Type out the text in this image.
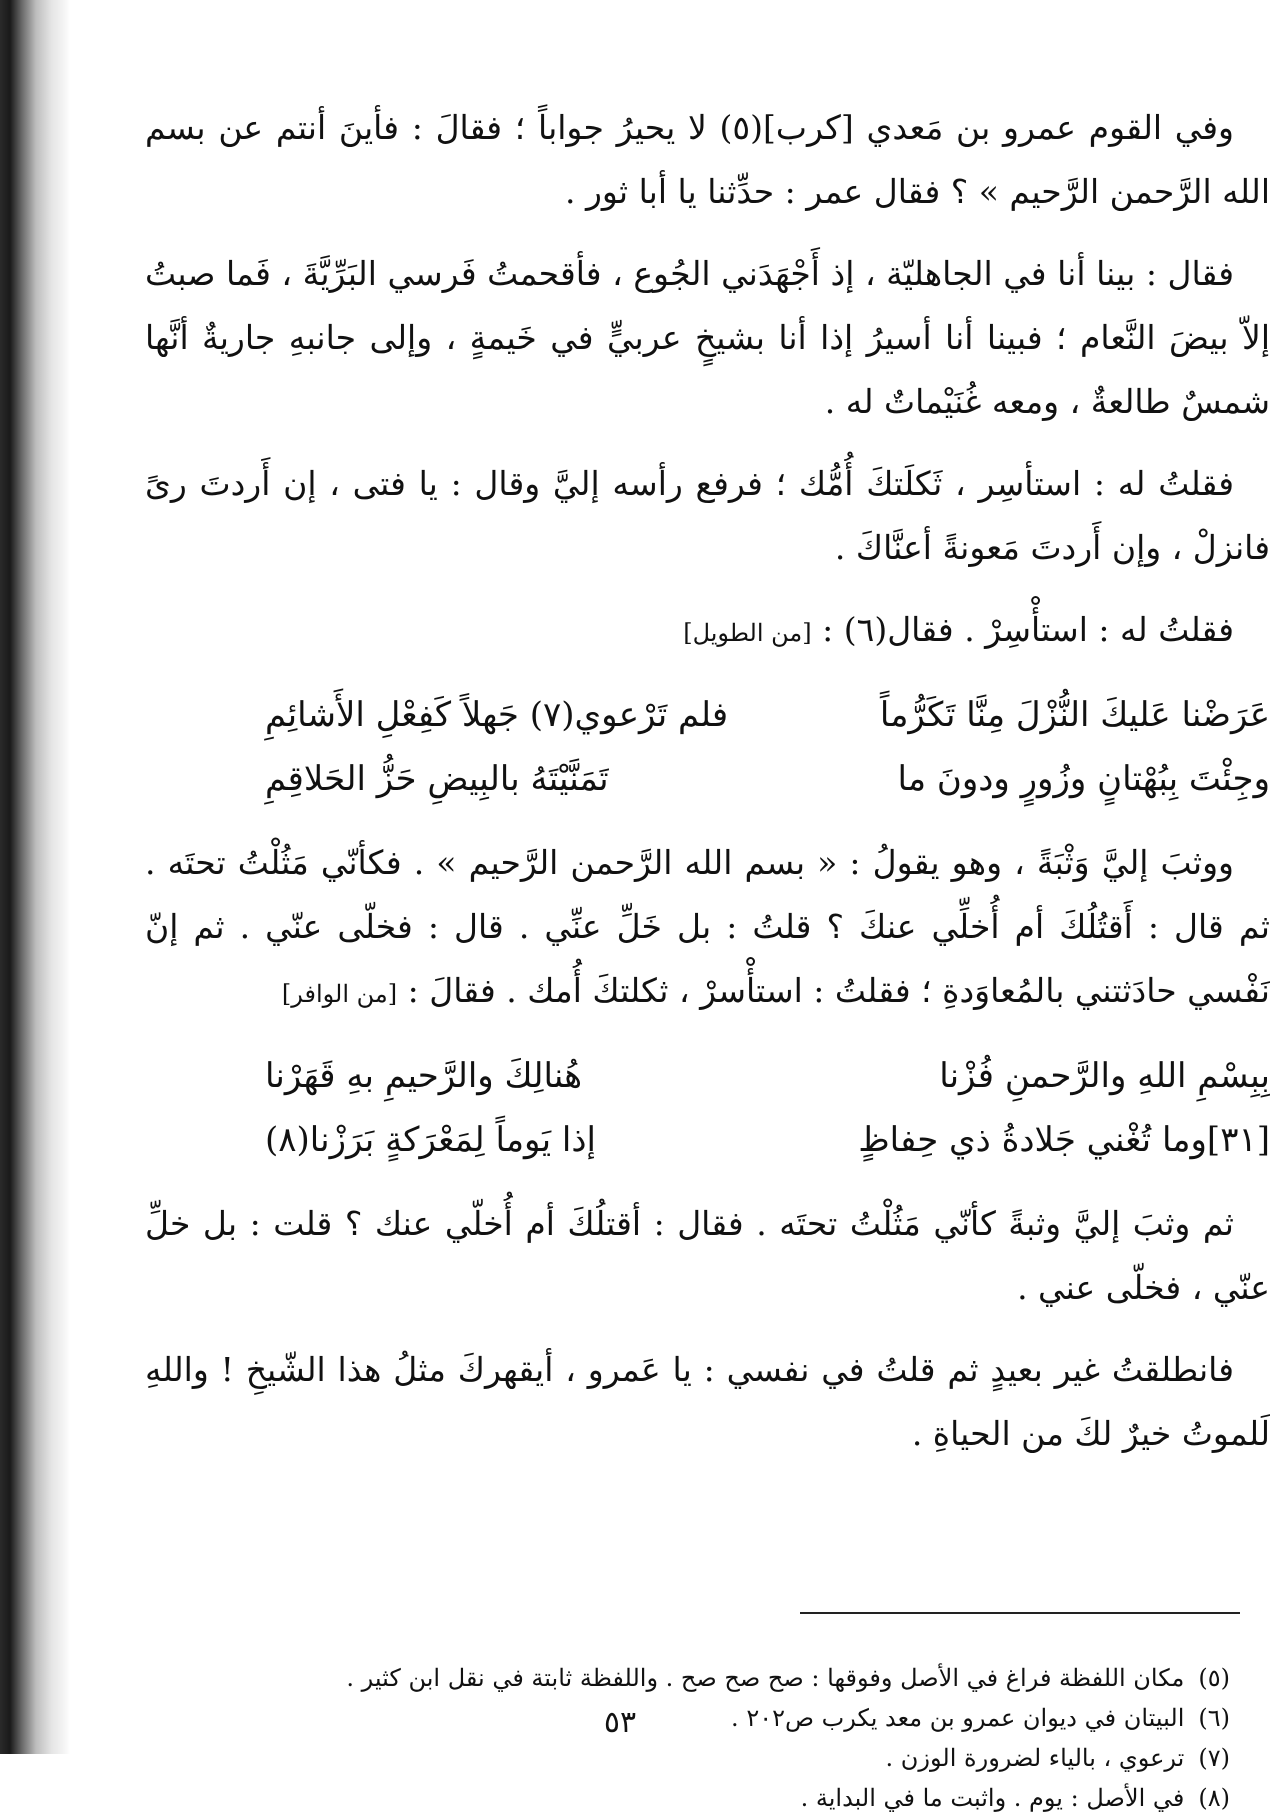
وفي القوم عمرو بن مَعدي [كرب](٥) لا يحيرُ جواباً ؛ فقالَ : فأينَ أنتم عن بسم الله الرَّحمن الرَّحيم » ؟ فقال عمر : حدِّثنا يا أبا ثور .

فقال : بينا أنا في الجاهليّة ، إذ أَجْهَدَني الجُوع ، فأقحمتُ فَرسي البَرِّيَّةَ ، فَما صبتُ إلاّ بيضَ النَّعام ؛ فبينا أنا أسيرُ إذا أنا بشيخٍ عربيٍّ في خَيمةٍ ، وإلى جانبهِ جاريةٌ أنَّها شمسٌ طالعةٌ ، ومعه غُنَيْماتٌ له .

فقلتُ له : استأسِر ، ثَكلَتكَ أُمُّك ؛ فرفع رأسه إليَّ وقال : يا فتى ، إن أَردتَ رىً فانزلْ ، وإن أَردتَ مَعونةً أعنَّاكَ .

فقلتُ له : استأْسِرْ . فقال(٦) : [من الطويل]

عَرَضْنا عَليكَ النُّزْلَ مِنَّا تَكَرُّماً
فلم تَرْعوي(٧) جَهلاً كَفِعْلِ الأَشائِمِ
وجِئْتَ بِبُهْتانٍ وزُورٍ ودونَ ما
تَمَنَّيْتَهُ بالبِيضِ حَزُّ الحَلاقِمِ

ووثبَ إليَّ وَثْبَةً ، وهو يقولُ : « بسم الله الرَّحمن الرَّحيم » . فكأنّي مَثُلْتُ تحتَه . ثم قال : أَقتُلُكَ أم أُخلِّي عنكَ ؟ قلتُ : بل خَلِّ عنِّي . قال : فخلّى عنّي . ثم إنّ نَفْسي حادَثتني بالمُعاوَدةِ ؛ فقلتُ : استأْسرْ ، ثكلتكَ أُمك . فقالَ : [من الوافر]

بِبِسْمِ اللهِ والرَّحمنِ فُزْنا
هُنالِكَ والرَّحيمِ بهِ قَهَرْنا
[٣١]وما تُغْني جَلادةُ ذي حِفاظٍ
إذا يَوماً لِمَعْرَكةٍ بَرَزْنا(٨)

ثم وثبَ إليَّ وثبةً كأنّي مَثُلْتُ تحتَه . فقال : أقتلُكَ أم أُخلّي عنك ؟ قلت : بل خلِّ عنّي ، فخلّى عني .

فانطلقتُ غير بعيدٍ ثم قلتُ في نفسي : يا عَمرو ، أيقهركَ مثلُ هذا الشّيخِ ! واللهِ لَلموتُ خيرٌ لكَ من الحياةِ .

(٥)
مكان اللفظة فراغ في الأصل وفوقها : صح صح صح . واللفظة ثابتة في نقل ابن كثير .
(٦)
البيتان في ديوان عمرو بن معد يكرب ص٢٠٢ .
(٧)
ترعوي ، بالياء لضرورة الوزن .
(٨)
في الأصل : يوم . واثبت ما في البداية .
٥٣
